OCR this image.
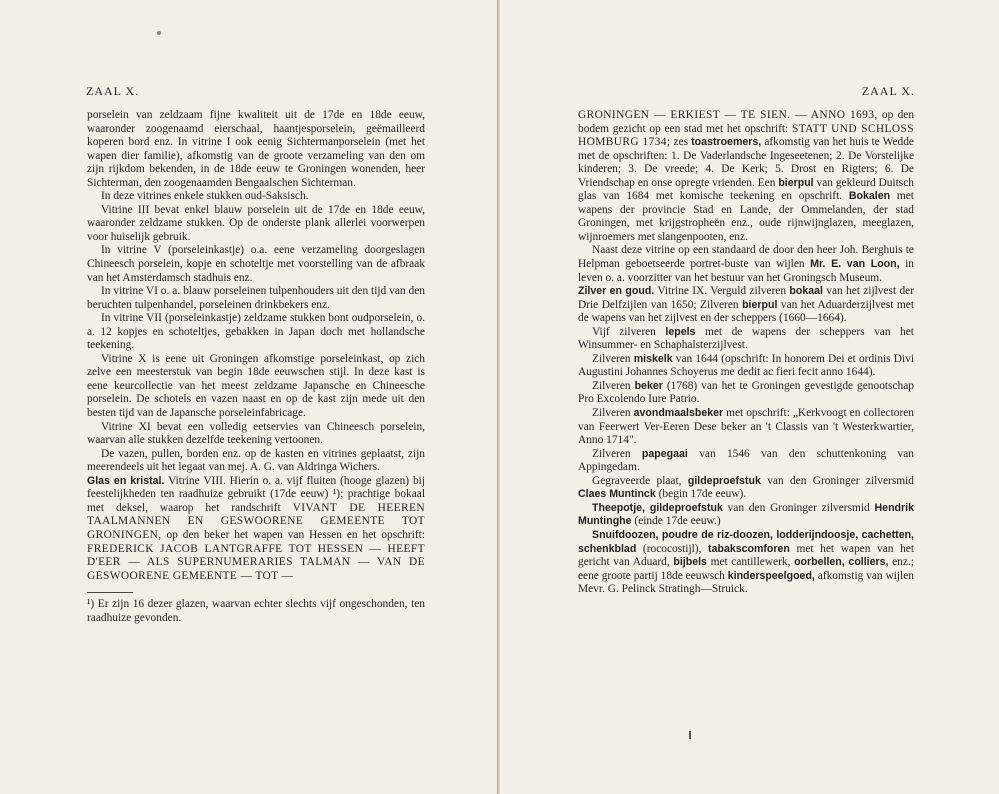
ZAAL X.

porselein van zeldzaam fijne kwaliteit uit de 17de en 18de eeuw, waaronder zoogenaamd eierschaal, haantjesporselein, geëmailleerd koperen bord enz. In vitrine I ook eenig Sichtermanporselein (met het wapen dier familie), afkomstig van de groote verzameling van den om zijn rijkdom bekenden, in de 18de eeuw te Groningen wonenden, heer Sichterman, den zoogenaamden Bengaalschen Sichterman.

In deze vitrines enkele stukken oud-Saksisch.

Vitrine III bevat enkel blauw porselein uit de 17de en 18de eeuw, waaronder zeldzame stukken. Op de onderste plank allerlei voorwerpen voor huiselijk gebruik.

In vitrine V (porseleinkastje) o.a. eene verzameling doorgeslagen Chineesch porselein, kopje en schoteltje met voorstelling van de afbraak van het Amsterdamsch stadhuis enz.

In vitrine VI o. a. blauw porseleinen tulpenhouders uit den tijd van den beruchten tulpenhandel, porseleinen drinkbekers enz.

In vitrine VII (porseleinkastje) zeldzame stukken bont oudporselein, o. a. 12 kopjes en schoteltjes, gebakken in Japan doch met hollandsche teekening.

Vitrine X is eene uit Groningen afkomstige porseleinkast, op zich zelve een meesterstuk van begin 18de eeuwschen stijl. In deze kast is eene keurcollectie van het meest zeldzame Japansche en Chineesche porselein. De schotels en vazen naast en op de kast zijn mede uit den besten tijd van de Japansche porseleinfabricage.

Vitrine XI bevat een volledig eetservies van Chineesch porselein, waarvan alle stukken dezelfde teekening vertoonen.

De vazen, pullen, borden enz. op de kasten en vitrines geplaatst, zijn meerendeels uit het legaat van mej. A. G. van Aldringa Wichers.

Glas en kristal. Vitrine VIII. Hierin o. a. vijf fluiten (hooge glazen) bij feestelijkheden ten raadhuize gebruikt (17de eeuw) ¹); prachtige bokaal met deksel, waarop het randschrift VIVANT DE HEEREN TAALMANNEN EN GESWOORENE GEMEENTE TOT GRONINGEN, op den beker het wapen van Hessen en het opschrift: FREDERICK JACOB LANTGRAFFE TOT HESSEN — HEEFT D'EER — ALS SUPERNUMERARIES TALMAN — VAN DE GESWOORENE GEMEENTE — TOT —

¹) Er zijn 16 dezer glazen, waarvan echter slechts vijf ongeschonden, ten raadhuize gevonden.

ZAAL X.

GRONINGEN — ERKIEST — TE SIEN. — ANNO 1693, op den bodem gezicht op een stad met het opschrift: STATT UND SCHLOSS HOMBURG 1734; zes toastroemers, afkomstig van het huis te Wedde met de opschriften: 1. De Vaderlandsche Ingeseetenen; 2. De Vorstelijke kinderen; 3. De vreede; 4. De Kerk; 5. Drost en Rigters; 6. De Vriendschap en onse opregte vrienden. Een bierpul van gekleurd Duitsch glas van 1684 met komische teekening en opschrift. Bokalen met wapens der provincie Stad en Lande, der Ommelanden, der stad Groningen, met krijgstropheën enz., oude rijnwijnglazen, meeglazen, wijnroemers met slangenpooten, enz.

Naast deze vitrine op een standaard de door den heer Joh. Berghuis te Helpman geboetseerde portret-buste van wijlen Mr. E. van Loon, in leven o. a. voorzitter van het bestuur van het Groningsch Museum.

Zilver en goud. Vitrine IX. Verguld zilveren bokaal van het zijlvest der Drie Delfzijlen van 1650; Zilveren bierpul van het Aduarderzijlvest met de wapens van het zijlvest en der scheppers (1660—1664).

Vijf zilveren lepels met de wapens der scheppers van het Winsummer- en Schaphalsterzijlvest.

Zilveren miskelk van 1644 (opschrift: In honorem Dei et ordinis Divi Augustini Johannes Schoyerus me dedit ac fieri fecit anno 1644).

Zilveren beker (1768) van het te Groningen gevestigde genootschap Pro Excolendo Iure Patrio.

Zilveren avondmaalsbeker met opschrift: „Kerkvoogt en collectoren van Feerwert Ver-Eeren Dese beker an 't Classis van 't Westerkwartier, Anno 1714".

Zilveren papegaai van 1546 van den schuttenkoning van Appingedam.

Gegraveerde plaat, gildeproefstuk van den Groninger zilversmid Claes Muntinck (begin 17de eeuw).

Theepotje, gildeproefstuk van den Groninger zilversmid Hendrik Muntinghe (einde 17de eeuw.)

Snuifdoozen, poudre de riz-doozen, lodderijndoosje, cachetten, schenkblad (rococostijl), tabakscomforen met het wapen van het gericht van Aduard, bijbels met cantillewerk, oorbellen, colliers, enz.; eene groote partij 18de eeuwsch kinderspeelgoed, afkomstig van wijlen Mevr. G. Pelinck Stratingh—Struick.
